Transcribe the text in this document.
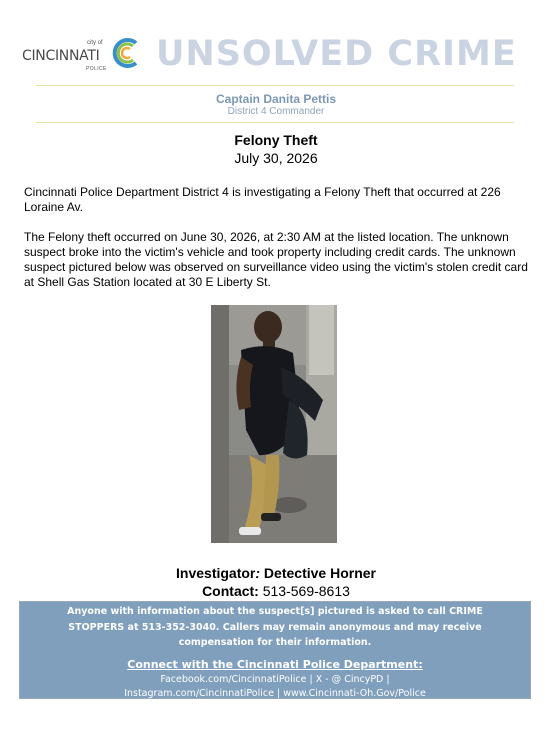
city of
CINCINNATI
POLICE UNSOLVED CRIME
Captain Danita Pettis
District 4 Commander
Felony Theft
July 30, 2026
Cincinnati Police Department District 4 is investigating a Felony Theft that occurred at 226 Loraine Av.
The Felony theft occurred on June 30, 2026, at 2:30 AM at the listed location. The unknown suspect broke into the victim's vehicle and took property including credit cards. The unknown suspect pictured below was observed on surveillance video using the victim's stolen credit card at Shell Gas Station located at 30 E Liberty St.
Investigator: Detective Horner
Contact: 513-569-8613
Anyone with information about the suspect[s] pictured is asked to call CRIME
STOPPERS at 513-352-3040. Callers may remain anonymous and may receive
compensation for their information.
Connect with the Cincinnati Police Department:
Facebook.com/CincinnatiPolice | X - @ CincyPD |
Instagram.com/CincinnatiPolice | www.Cincinnati-Oh.Gov/Police
